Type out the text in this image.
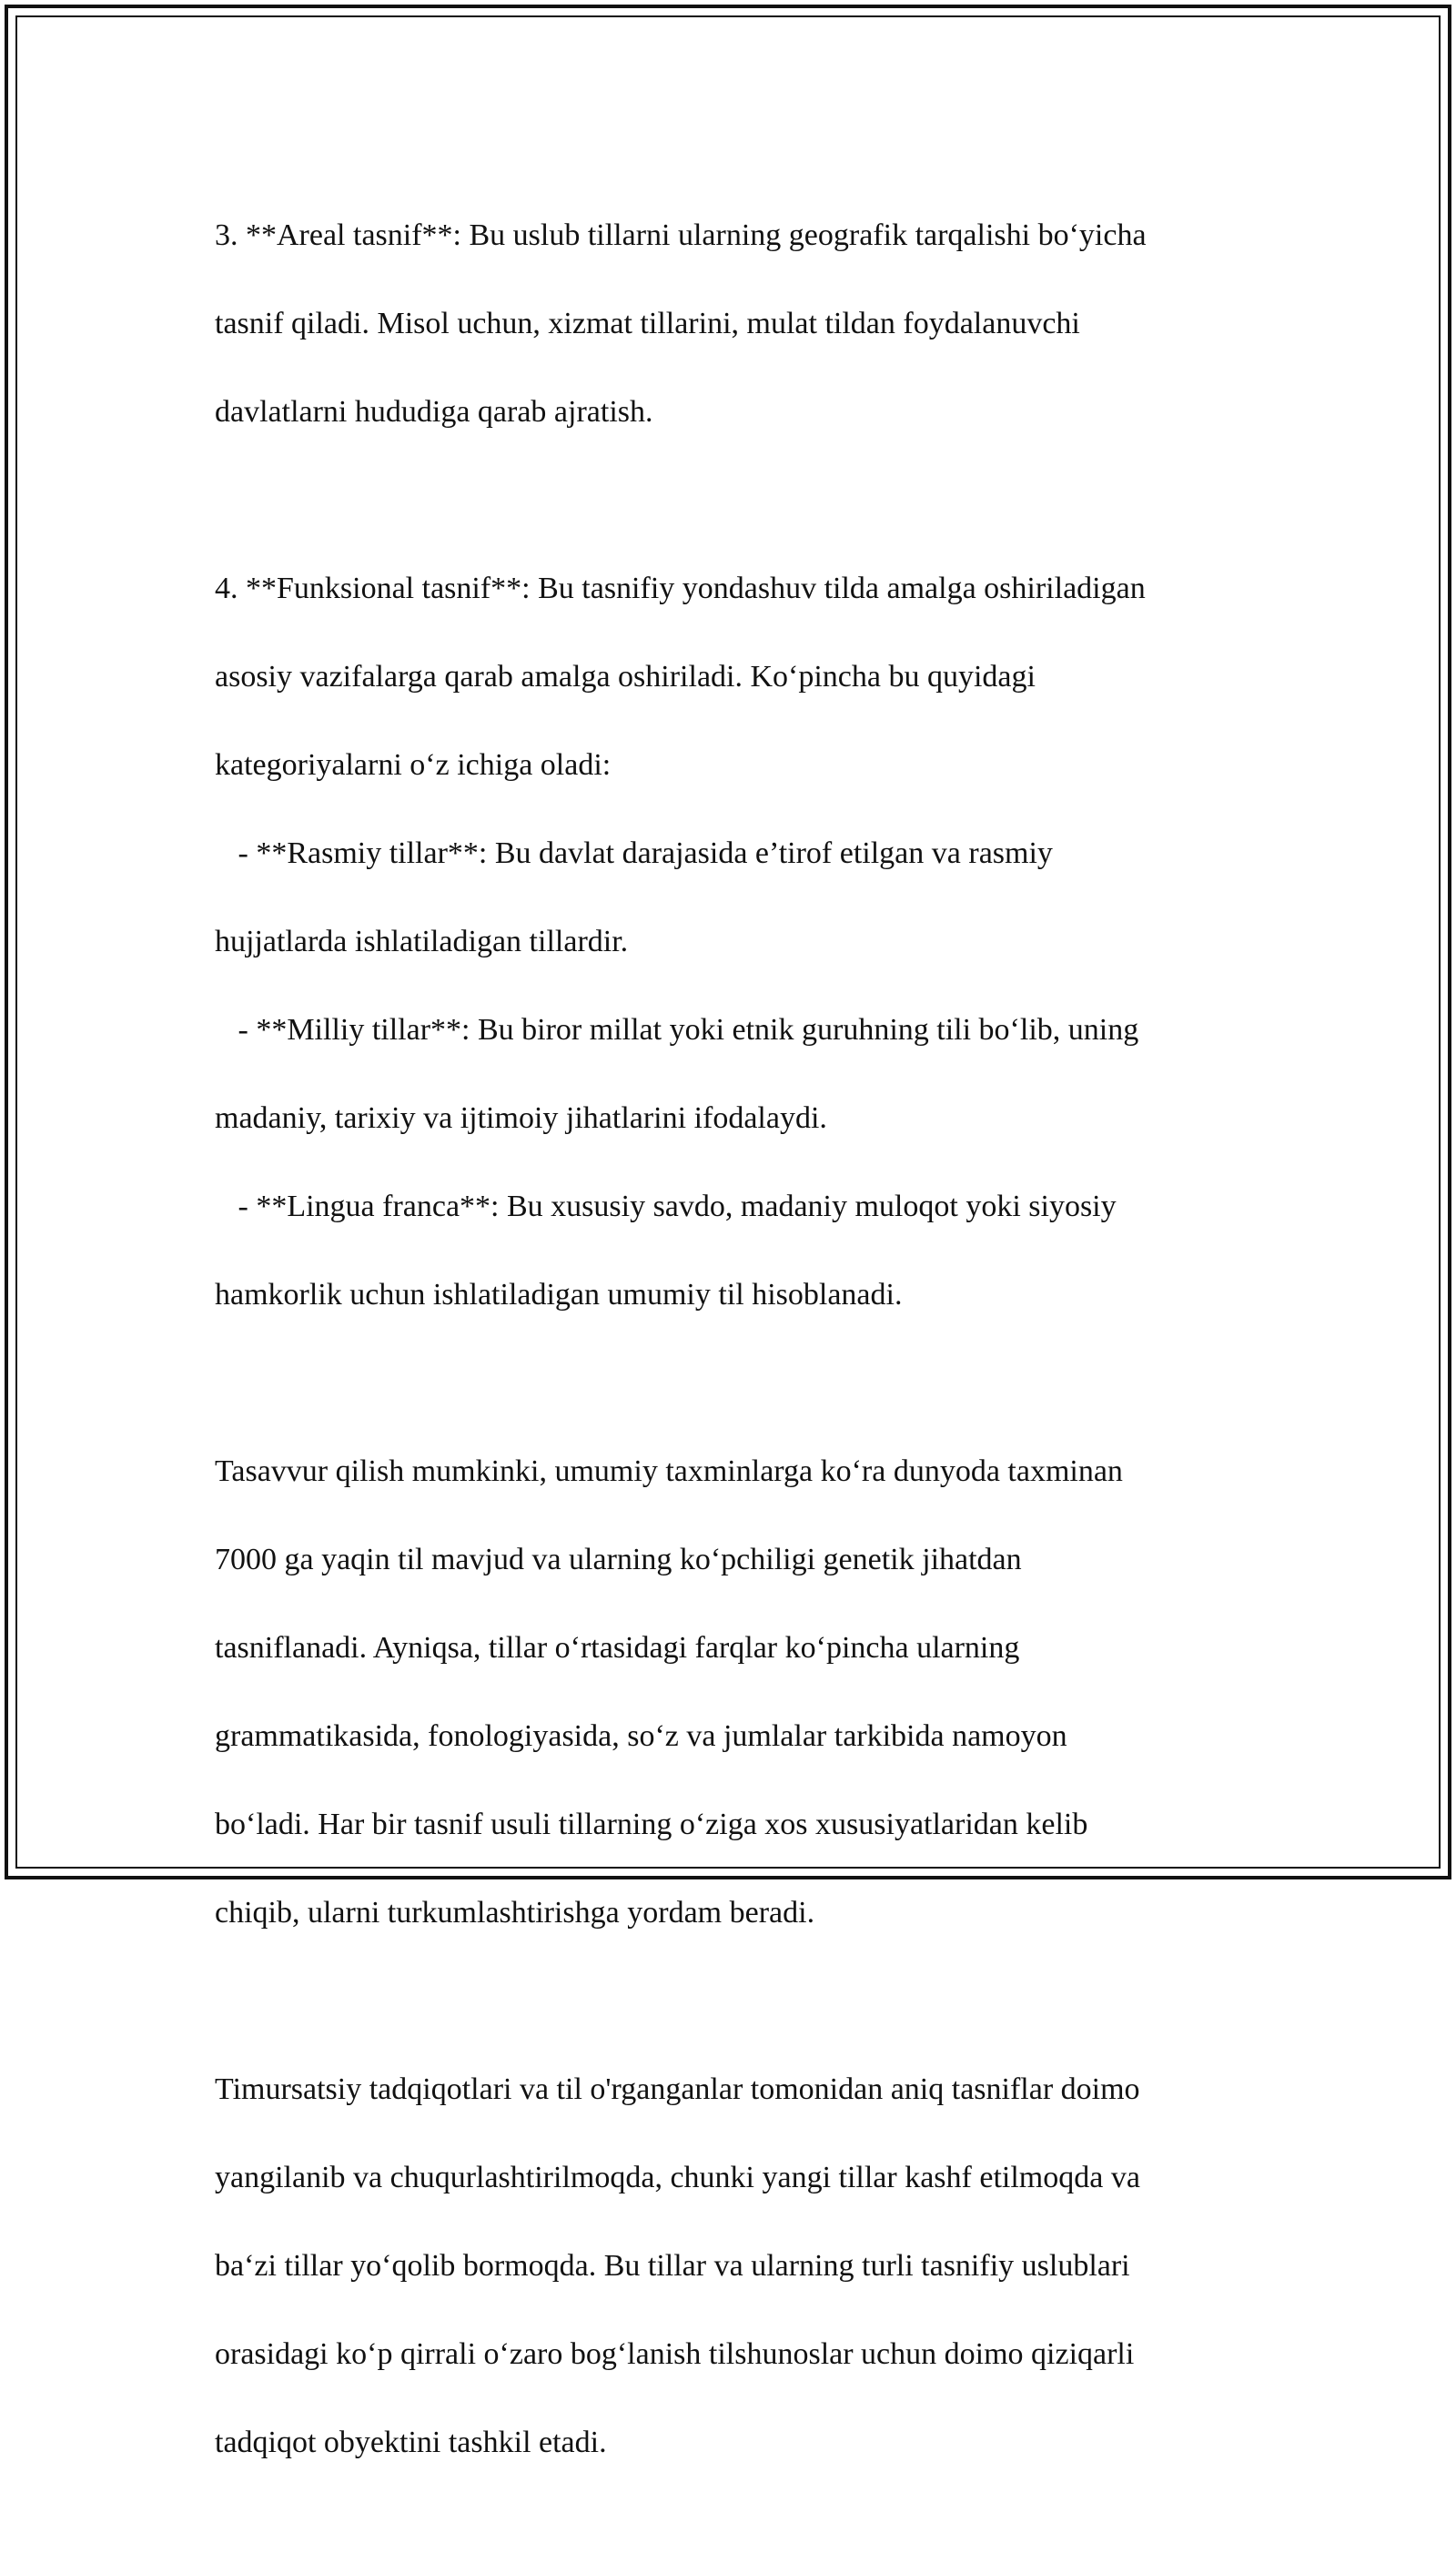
3. **Areal tasnif**: Bu uslub tillarni ularning geografik tarqalishi bo‘yicha

tasnif qiladi. Misol uchun, xizmat tillarini, mulat tildan foydalanuvchi

davlatlarni hududiga qarab ajratish.

4. **Funksional tasnif**: Bu tasnifiy yondashuv tilda amalga oshiriladigan

asosiy vazifalarga qarab amalga oshiriladi. Ko‘pincha bu quyidagi

kategoriyalarni o‘z ichiga oladi:

- **Rasmiy tillar**: Bu davlat darajasida e’tirof etilgan va rasmiy

hujjatlarda ishlatiladigan tillardir.

- **Milliy tillar**: Bu biror millat yoki etnik guruhning tili bo‘lib, uning

madaniy, tarixiy va ijtimoiy jihatlarini ifodalaydi.

- **Lingua franca**: Bu xususiy savdo, madaniy muloqot yoki siyosiy

hamkorlik uchun ishlatiladigan umumiy til hisoblanadi.

Tasavvur qilish mumkinki, umumiy taxminlarga ko‘ra dunyoda taxminan

7000 ga yaqin til mavjud va ularning ko‘pchiligi genetik jihatdan

tasniflanadi. Ayniqsa, tillar o‘rtasidagi farqlar ko‘pincha ularning

grammatikasida, fonologiyasida, so‘z va jumlalar tarkibida namoyon

bo‘ladi. Har bir tasnif usuli tillarning o‘ziga xos xususiyatlaridan kelib

chiqib, ularni turkumlashtirishga yordam beradi.

Timursatsiy tadqiqotlari va til o'rganganlar tomonidan aniq tasniflar doimo

yangilanib va chuqurlashtirilmoqda, chunki yangi tillar kashf etilmoqda va

ba‘zi tillar yo‘qolib bormoqda. Bu tillar va ularning turli tasnifiy uslublari

orasidagi ko‘p qirrali o‘zaro bog‘lanish tilshunoslar uchun doimo qiziqarli

tadqiqot obyektini tashkil etadi.
